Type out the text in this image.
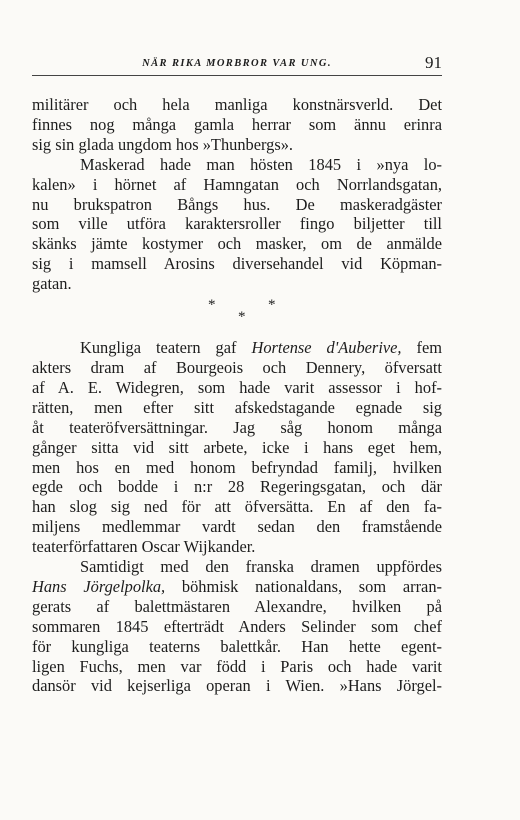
NÄR RIKA MORBROR VAR UNG.	91
militärer och hela manliga konstnärsverld. Det
finnes nog många gamla herrar som ännu erinra
sig sin glada ungdom hos »Thunbergs».
Maskerad hade man hösten 1845 i »nya lo-
kalen» i hörnet af Hamngatan och Norrlandsgatan,
nu brukspatron Bångs hus. De maskeradgäster
som ville utföra karaktersroller fingo biljetter till
skänks jämte kostymer och masker, om de anmälde
sig i mamsell Arosins diversehandel vid Köpman-
gatan.
*	*
*
Kungliga teatern gaf Hortense d'Auberive, fem
akters dram af Bourgeois och Dennery, öfversatt
af A. E. Widegren, som hade varit assessor i hof-
rätten, men efter sitt afskedstagande egnade sig
åt teateröfversättningar. Jag såg honom många
gånger sitta vid sitt arbete, icke i hans eget hem,
men hos en med honom befryndad familj, hvilken
egde och bodde i n:r 28 Regeringsgatan, och där
han slog sig ned för att öfversätta. En af den fa-
miljens medlemmar vardt sedan den framstående
teaterförfattaren Oscar Wijkander.
Samtidigt med den franska dramen uppfördes
Hans Jörgelpolka, böhmisk nationaldans, som arran-
gerats af balettmästaren Alexandre, hvilken på
sommaren 1845 efterträdt Anders Selinder som chef
för kungliga teaterns balettkår. Han hette egent-
ligen Fuchs, men var född i Paris och hade varit
dansör vid kejserliga operan i Wien. »Hans Jörgel-
